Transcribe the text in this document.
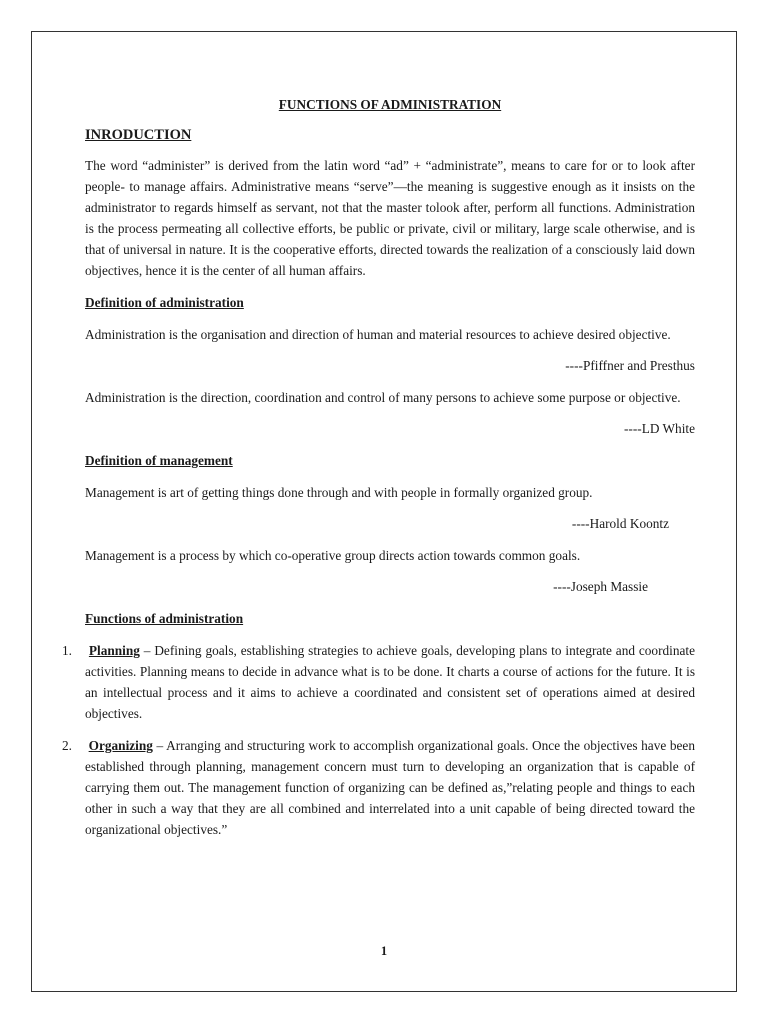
FUNCTIONS OF ADMINISTRATION

INRODUCTION

The word “administer” is derived from the latin word “ad” + “administrate”, means to care for or to look after people- to manage affairs. Administrative means “serve”—the meaning is suggestive enough as it insists on the administrator to regards himself as servant, not that the master tolook after, perform all functions. Administration is the process permeating all collective efforts, be public or private, civil or military, large scale otherwise, and is that of universal in nature. It is the cooperative efforts, directed towards the realization of a consciously laid down objectives, hence it is the center of all human affairs.

Definition of administration

Administration is the organisation and direction of human and material resources to achieve desired objective.

----Pfiffner and Presthus

Administration is the direction, coordination and control of many persons to achieve some purpose or objective.

----LD White

Definition of management

Management is art of getting things done through and with people in formally organized group.

----Harold Koontz

Management is a process by which co-operative group directs action towards common goals.

----Joseph Massie

Functions of administration

1. Planning – Defining goals, establishing strategies to achieve goals, developing plans to integrate and coordinate activities. Planning means to decide in advance what is to be done. It charts a course of actions for the future. It is an intellectual process and it aims to achieve a coordinated and consistent set of operations aimed at desired objectives.

2. Organizing – Arranging and structuring work to accomplish organizational goals. Once the objectives have been established through planning, management concern must turn to developing an organization that is capable of carrying them out. The management function of organizing can be defined as,”relating people and things to each other in such a way that they are all combined and interrelated into a unit capable of being directed toward the organizational objectives.”

1
